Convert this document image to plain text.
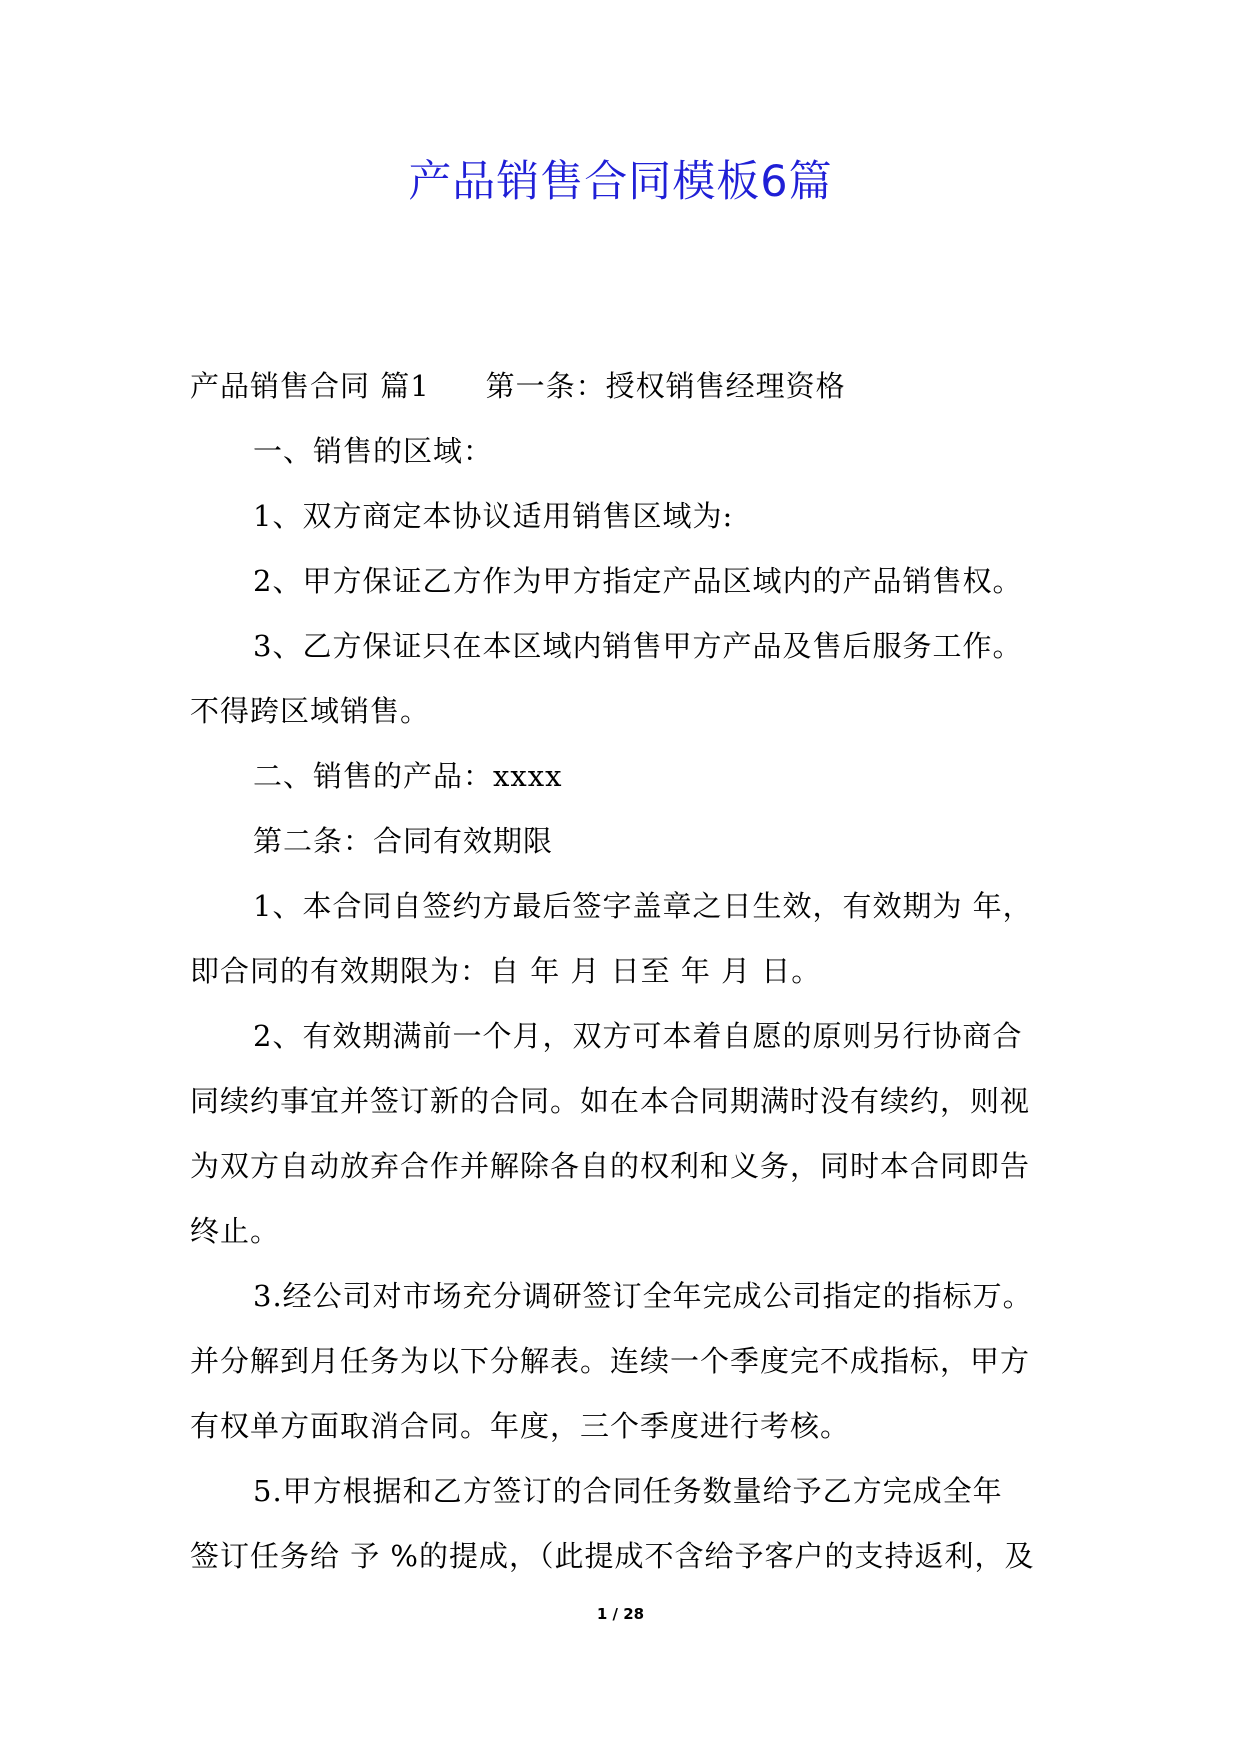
产品销售合同模板6篇
产品销售合同 篇1 第一条：授权销售经理资格
一、销售的区域：
1、双方商定本协议适用销售区域为:
2、甲方保证乙方作为甲方指定产品区域内的产品销售权。
3、乙方保证只在本区域内销售甲方产品及售后服务工作。
不得跨区域销售。
二、销售的产品：xxxx
第二条：合同有效期限
1、本合同自签约方最后签字盖章之日生效，有效期为 年，
即合同的有效期限为：自 年 月 日至 年 月 日。
2、有效期满前一个月，双方可本着自愿的原则另行协商合
同续约事宜并签订新的合同。如在本合同期满时没有续约，则视
为双方自动放弃合作并解除各自的权利和义务，同时本合同即告
终止。
3.经公司对市场充分调研签订全年完成公司指定的指标万。
并分解到月任务为以下分解表。连续一个季度完不成指标，甲方
有权单方面取消合同。年度，三个季度进行考核。
5.甲方根据和乙方签订的合同任务数量给予乙方完成全年
签订任务给 予 %的提成，（此提成不含给予客户的支持返利，及
1 / 28
